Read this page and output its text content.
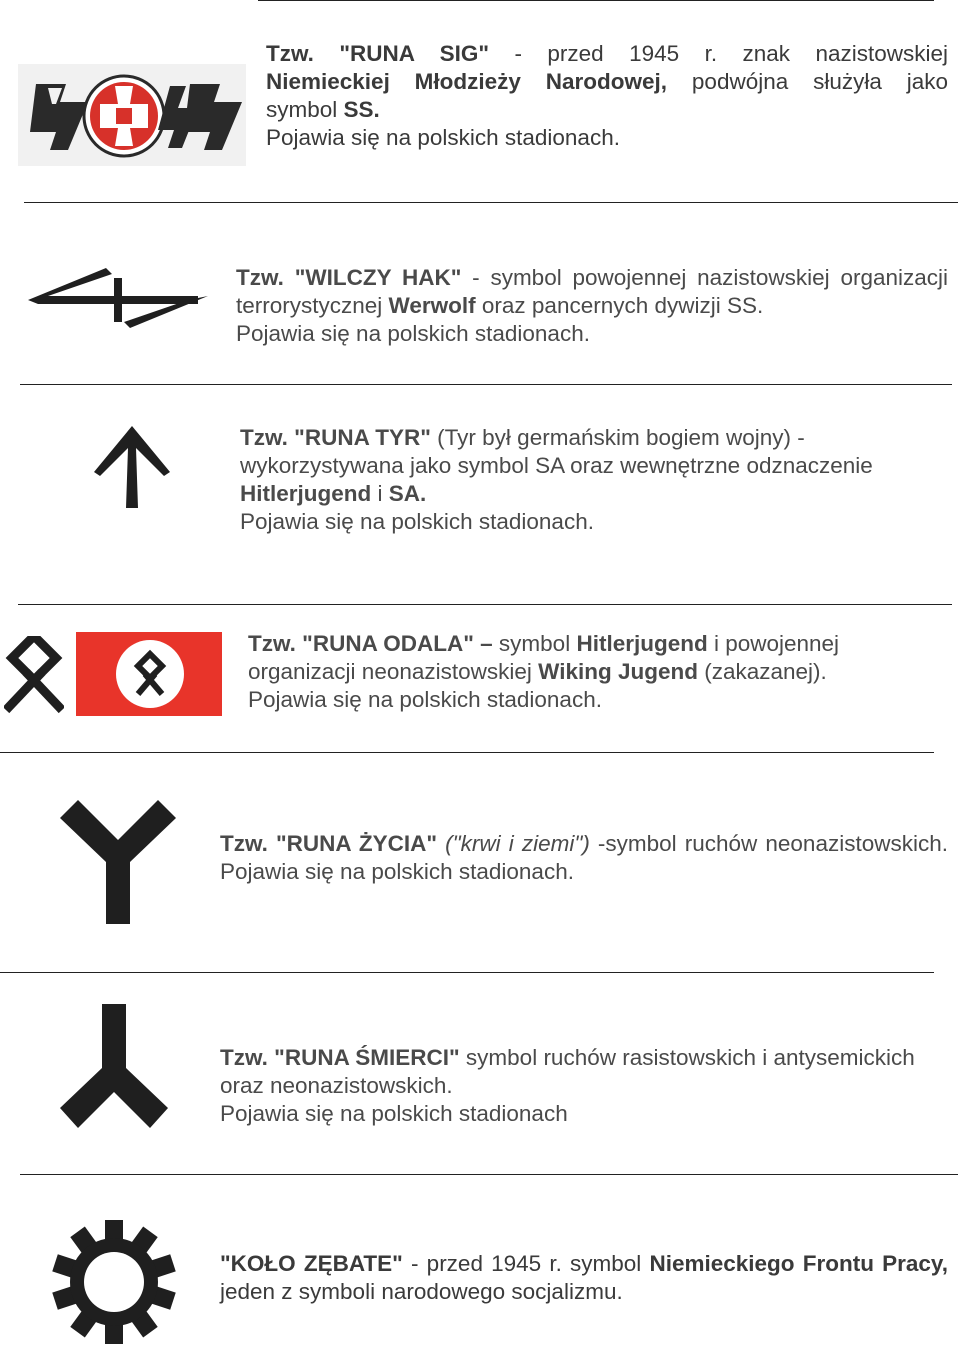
Tzw. "RUNA SIG" - przed 1945 r. znak nazistowskiej
Niemieckiej Młodzieży Narodowej, podwójna służyła jako
symbol SS.
Pojawia się na polskich stadionach.
Tzw. "WILCZY HAK" - symbol powojennej nazistowskiej organizacji terrorystycznej Werwolf oraz pancernych dywizji SS.
Pojawia się na polskich stadionach.
Tzw. "RUNA TYR" (Tyr był germańskim bogiem wojny) - wykorzystywana jako symbol SA oraz wewnętrzne odznaczenie Hitlerjugend i SA.
Pojawia się na polskich stadionach.
Tzw. "RUNA ODALA" – symbol Hitlerjugend i powojennej organizacji neonazistowskiej Wiking Jugend (zakazanej).
Pojawia się na polskich stadionach.
Tzw. "RUNA ŻYCIA" ("krwi i ziemi") -symbol ruchów neonazistowskich.
Pojawia się na polskich stadionach.
Tzw. "RUNA ŚMIERCI" symbol ruchów rasistowskich i antysemickich oraz neonazistowskich.
Pojawia się na polskich stadionach
"KOŁO ZĘBATE" - przed 1945 r. symbol Niemieckiego Frontu Pracy, jeden z symboli narodowego socjalizmu.
